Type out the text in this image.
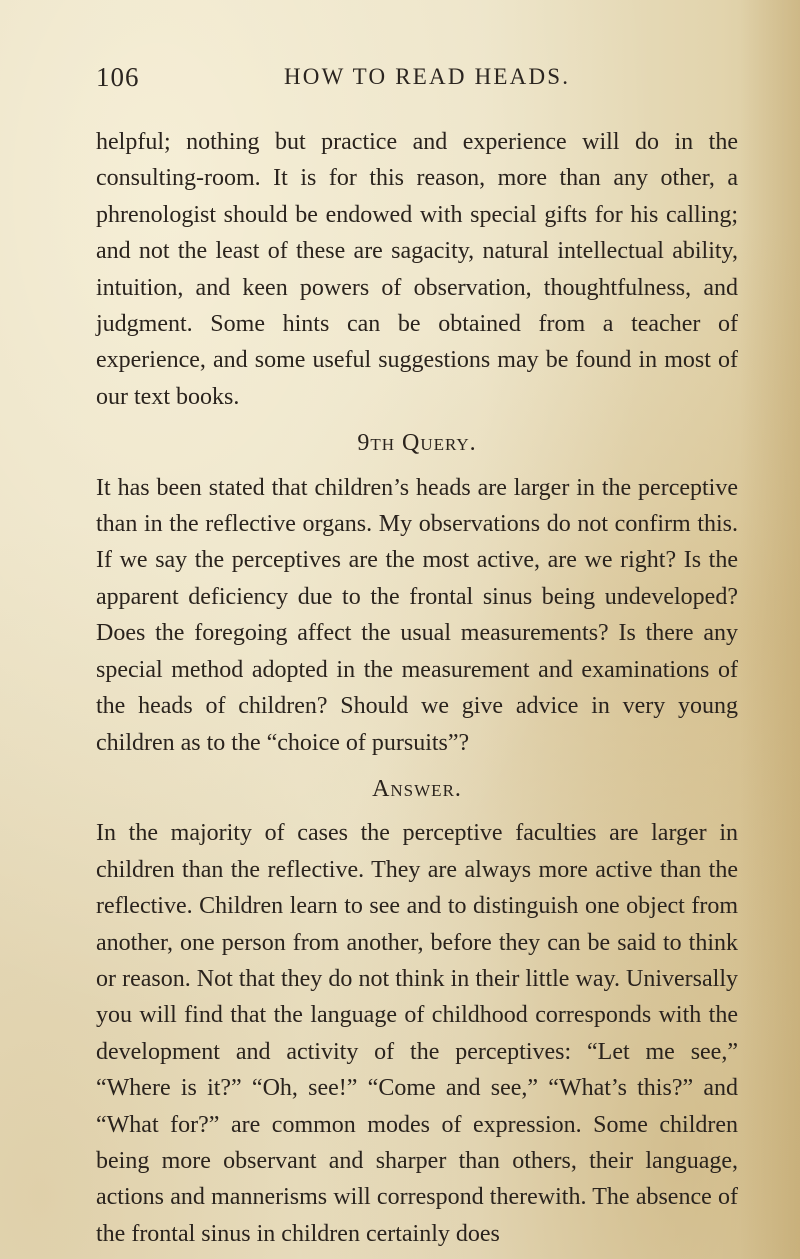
106	HOW TO READ HEADS.

helpful; nothing but practice and experience will do in the consulting-room. It is for this reason, more than any other, a phrenologist should be endowed with special gifts for his calling; and not the least of these are sagacity, natural intellectual ability, intuition, and keen powers of observation, thoughtfulness, and judgment. Some hints can be obtained from a teacher of experience, and some useful suggestions may be found in most of our text books.

9th Query.

It has been stated that children’s heads are larger in the perceptive than in the reflective organs. My observations do not confirm this. If we say the perceptives are the most active, are we right? Is the apparent deficiency due to the frontal sinus being undeveloped? Does the foregoing affect the usual measurements? Is there any special method adopted in the measurement and examinations of the heads of children? Should we give advice in very young children as to the “choice of pursuits”?

Answer.

In the majority of cases the perceptive faculties are larger in children than the reflective. They are always more active than the reflective. Children learn to see and to distinguish one object from another, one person from another, before they can be said to think or reason. Not that they do not think in their little way. Universally you will find that the language of childhood corresponds with the development and activity of the perceptives: “Let me see,” “Where is it?” “Oh, see!” “Come and see,” “What’s this?” and “What for?” are common modes of expression. Some children being more observant and sharper than others, their language, actions and mannerisms will correspond therewith. The absence of the frontal sinus in children certainly does
